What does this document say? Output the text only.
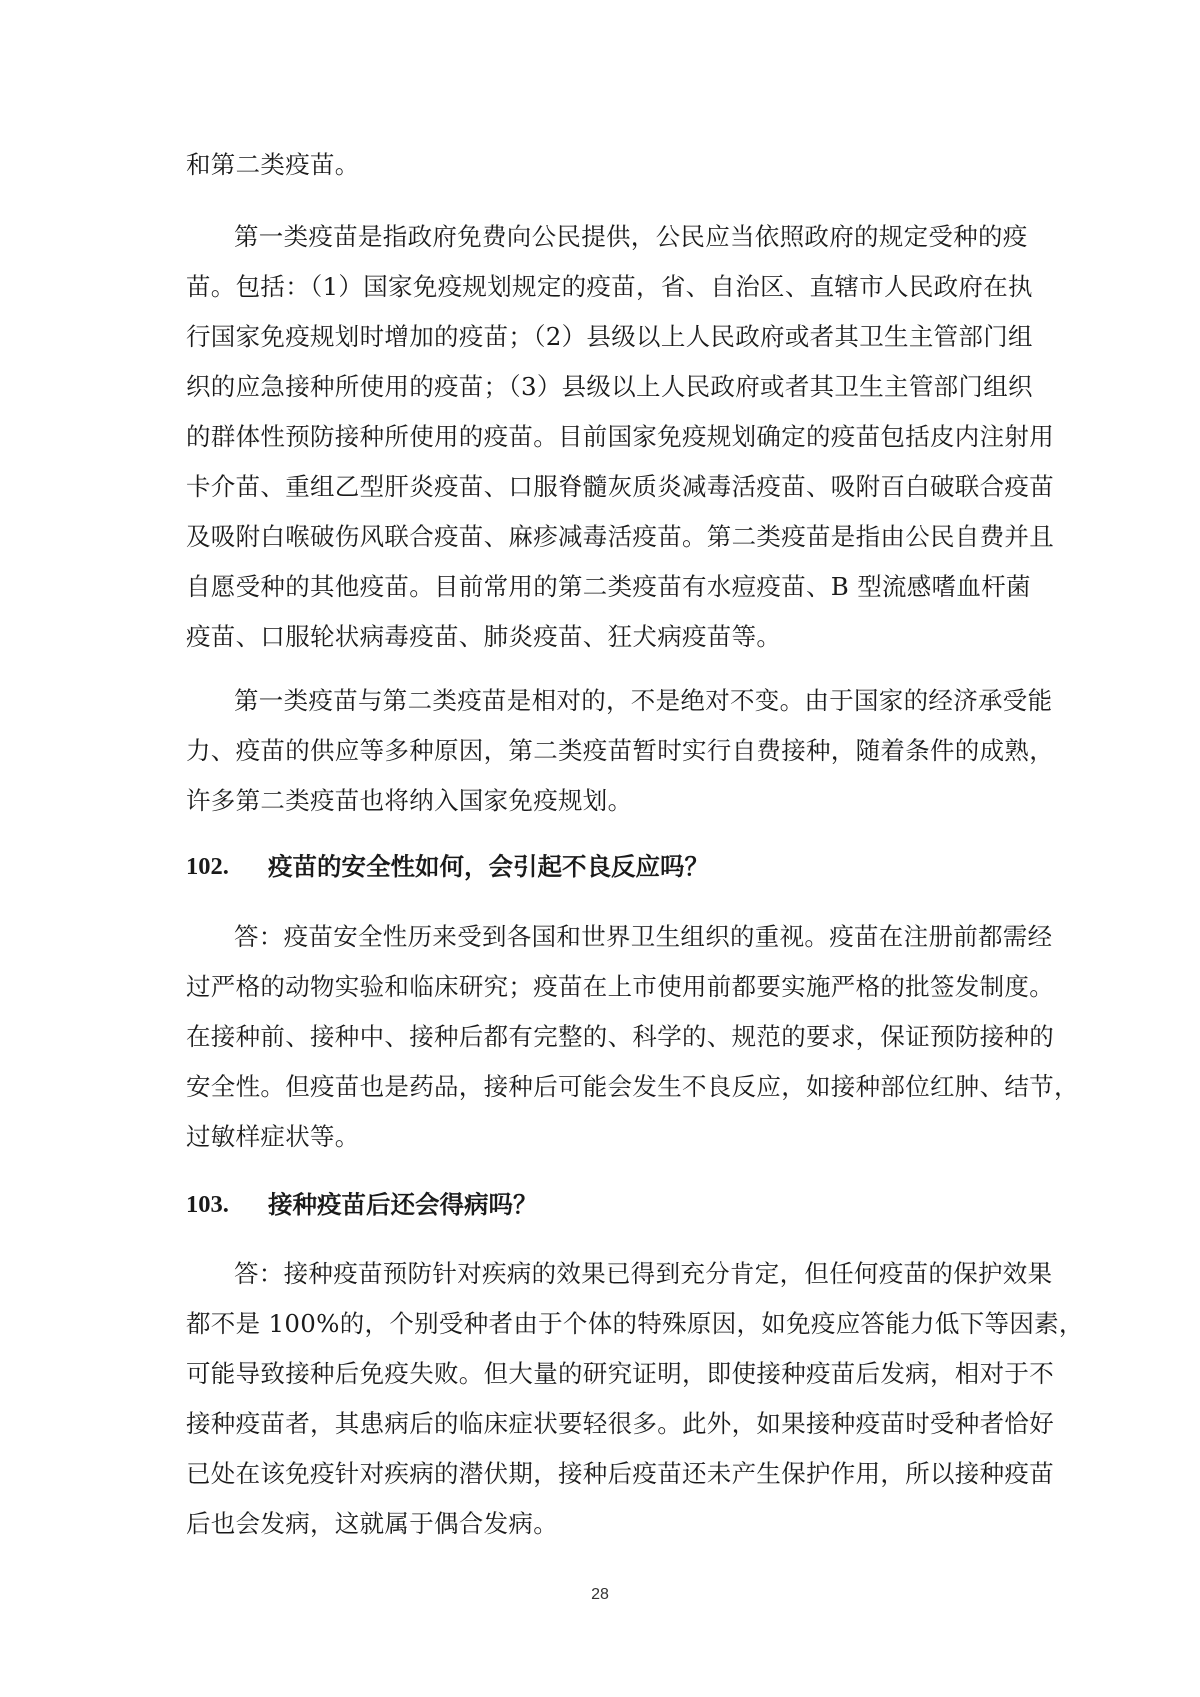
和第二类疫苗。
第一类疫苗是指政府免费向公民提供，公民应当依照政府的规定受种的疫
苗。包括：（1）国家免疫规划规定的疫苗，省、自治区、直辖市人民政府在执
行国家免疫规划时增加的疫苗；（2）县级以上人民政府或者其卫生主管部门组
织的应急接种所使用的疫苗；（3）县级以上人民政府或者其卫生主管部门组织
的群体性预防接种所使用的疫苗。目前国家免疫规划确定的疫苗包括皮内注射用
卡介苗、重组乙型肝炎疫苗、口服脊髓灰质炎减毒活疫苗、吸附百白破联合疫苗
及吸附白喉破伤风联合疫苗、麻疹减毒活疫苗。第二类疫苗是指由公民自费并且
自愿受种的其他疫苗。目前常用的第二类疫苗有水痘疫苗、B 型流感嗜血杆菌
疫苗、口服轮状病毒疫苗、肺炎疫苗、狂犬病疫苗等。
第一类疫苗与第二类疫苗是相对的，不是绝对不变。由于国家的经济承受能
力、疫苗的供应等多种原因，第二类疫苗暂时实行自费接种，随着条件的成熟，
许多第二类疫苗也将纳入国家免疫规划。
102.	疫苗的安全性如何，会引起不良反应吗？
答：疫苗安全性历来受到各国和世界卫生组织的重视。疫苗在注册前都需经
过严格的动物实验和临床研究；疫苗在上市使用前都要实施严格的批签发制度。
在接种前、接种中、接种后都有完整的、科学的、规范的要求，保证预防接种的
安全性。但疫苗也是药品，接种后可能会发生不良反应，如接种部位红肿、结节，
过敏样症状等。
103.	接种疫苗后还会得病吗？
答：接种疫苗预防针对疾病的效果已得到充分肯定，但任何疫苗的保护效果
都不是 100%的，个别受种者由于个体的特殊原因，如免疫应答能力低下等因素，
可能导致接种后免疫失败。但大量的研究证明，即使接种疫苗后发病，相对于不
接种疫苗者，其患病后的临床症状要轻很多。此外，如果接种疫苗时受种者恰好
已处在该免疫针对疾病的潜伏期，接种后疫苗还未产生保护作用，所以接种疫苗
后也会发病，这就属于偶合发病。
28
